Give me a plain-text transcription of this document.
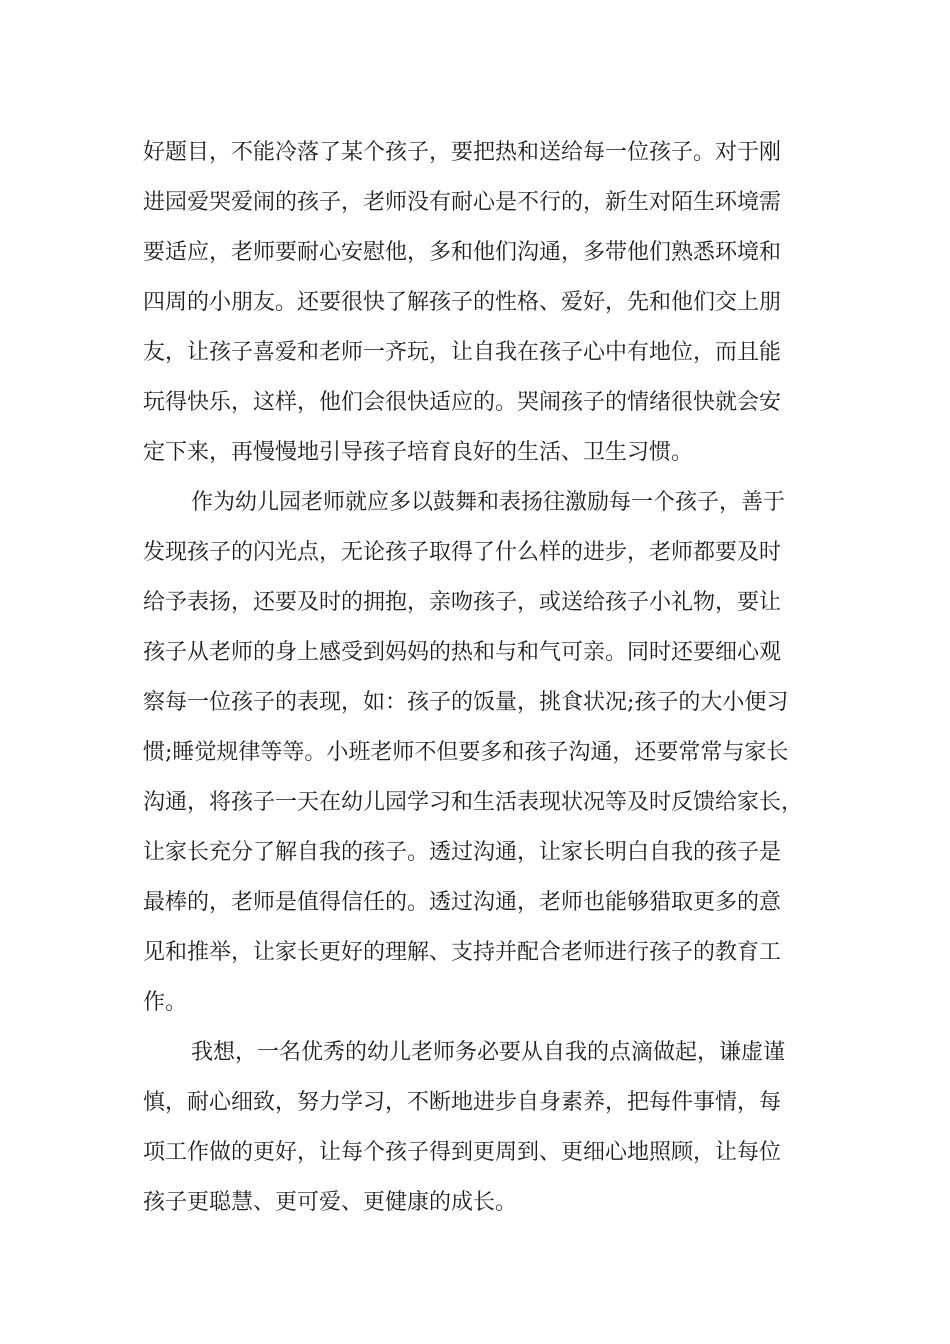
好题目，不能冷落了某个孩子，要把热和送给每一位孩子。对于刚

进园爱哭爱闹的孩子，老师没有耐心是不行的，新生对陌生环境需

要适应，老师要耐心安慰他，多和他们沟通，多带他们熟悉环境和

四周的小朋友。还要很快了解孩子的性格、爱好，先和他们交上朋

友，让孩子喜爱和老师一齐玩，让自我在孩子心中有地位，而且能

玩得快乐，这样，他们会很快适应的。哭闹孩子的情绪很快就会安

定下来，再慢慢地引导孩子培育良好的生活、卫生习惯。

作为幼儿园老师就应多以鼓舞和表扬往激励每一个孩子，善于

发现孩子的闪光点，无论孩子取得了什么样的进步，老师都要及时

给予表扬，还要及时的拥抱，亲吻孩子，或送给孩子小礼物，要让

孩子从老师的身上感受到妈妈的热和与和气可亲。同时还要细心观

察每一位孩子的表现，如：孩子的饭量，挑食状况;孩子的大小便习

惯;睡觉规律等等。小班老师不但要多和孩子沟通，还要常常与家长

沟通，将孩子一天在幼儿园学习和生活表现状况等及时反馈给家长，

让家长充分了解自我的孩子。透过沟通，让家长明白自我的孩子是

最棒的，老师是值得信任的。透过沟通，老师也能够猎取更多的意

见和推举，让家长更好的理解、支持并配合老师进行孩子的教育工

作。

我想，一名优秀的幼儿老师务必要从自我的点滴做起，谦虚谨

慎，耐心细致，努力学习，不断地进步自身素养，把每件事情，每

项工作做的更好，让每个孩子得到更周到、更细心地照顾，让每位

孩子更聪慧、更可爱、更健康的成长。
